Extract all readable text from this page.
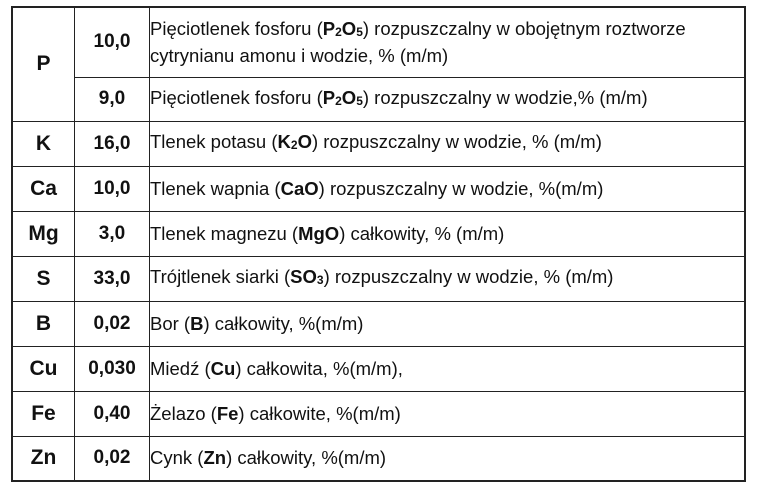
P	10,0	Pięciotlenek fosforu $(P_2O_5)$ rozpuszczalny w obojętnym roztworze cytrynianu amonu i wodzie, % (m/m)
	9,0	Pięciotlenek fosforu $(P_2O_5)$ rozpuszczalny w wodzie,% (m/m)
K	16,0	Tlenek potasu $(K_2O)$ rozpuszczalny w wodzie, % (m/m)
Ca	10,0	Tlenek wapnia (CaO) rozpuszczalny w wodzie, %(m/m)
Mg	3,0	Tlenek magnezu (MgO) całkowity, % (m/m)
S	33,0	Trójtlenek siarki $(SO_3)$ rozpuszczalny w wodzie, % (m/m)
B	0,02	Bor (B) całkowity, %(m/m)
Cu	0,030	Miedź (Cu) całkowita, %(m/m),
Fe	0,40	Żelazo (Fe) całkowite, %(m/m)
Zn	0,02	Cynk (Zn) całkowity, %(m/m)
